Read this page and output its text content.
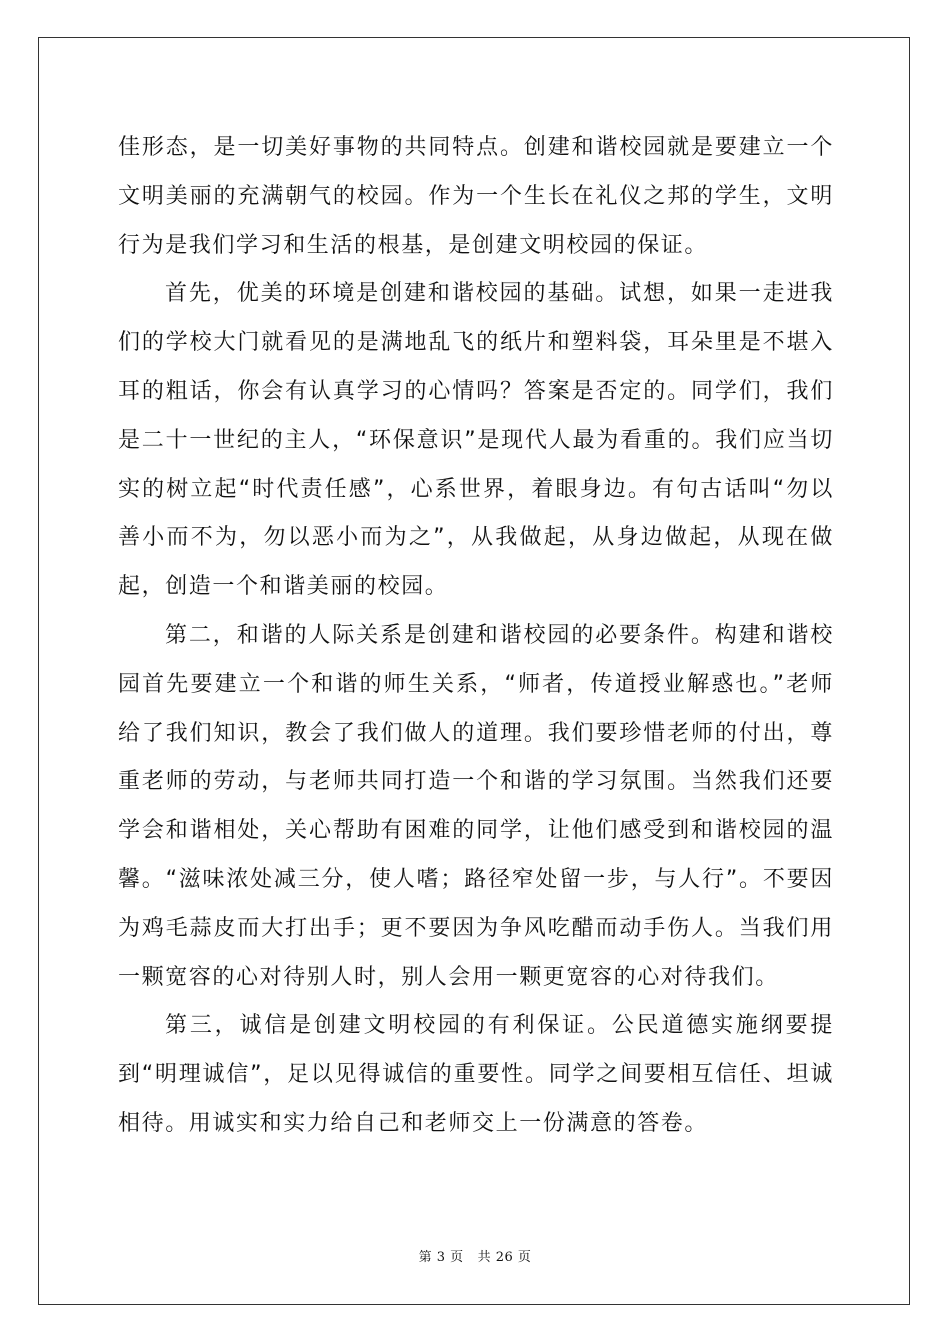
佳形态，是一切美好事物的共同特点。创建和谐校园就是要建立一个文明美丽的充满朝气的校园。作为一个生长在礼仪之邦的学生，文明行为是我们学习和生活的根基，是创建文明校园的保证。

首先，优美的环境是创建和谐校园的基础。试想，如果一走进我们的学校大门就看见的是满地乱飞的纸片和塑料袋，耳朵里是不堪入耳的粗话，你会有认真学习的心情吗？答案是否定的。同学们，我们是二十一世纪的主人，“环保意识”是现代人最为看重的。我们应当切实的树立起“时代责任感”，心系世界，着眼身边。有句古话叫“勿以善小而不为，勿以恶小而为之”，从我做起，从身边做起，从现在做起，创造一个和谐美丽的校园。

第二，和谐的人际关系是创建和谐校园的必要条件。构建和谐校园首先要建立一个和谐的师生关系，“师者，传道授业解惑也。”老师给了我们知识，教会了我们做人的道理。我们要珍惜老师的付出，尊重老师的劳动，与老师共同打造一个和谐的学习氛围。当然我们还要学会和谐相处，关心帮助有困难的同学，让他们感受到和谐校园的温馨。“滋味浓处减三分，使人嗜；路径窄处留一步，与人行”。不要因为鸡毛蒜皮而大打出手；更不要因为争风吃醋而动手伤人。当我们用一颗宽容的心对待别人时，别人会用一颗更宽容的心对待我们。

第三，诚信是创建文明校园的有利保证。公民道德实施纲要提到“明理诚信”，足以见得诚信的重要性。同学之间要相互信任、坦诚相待。用诚实和实力给自己和老师交上一份满意的答卷。

第 3 页 共 26 页
